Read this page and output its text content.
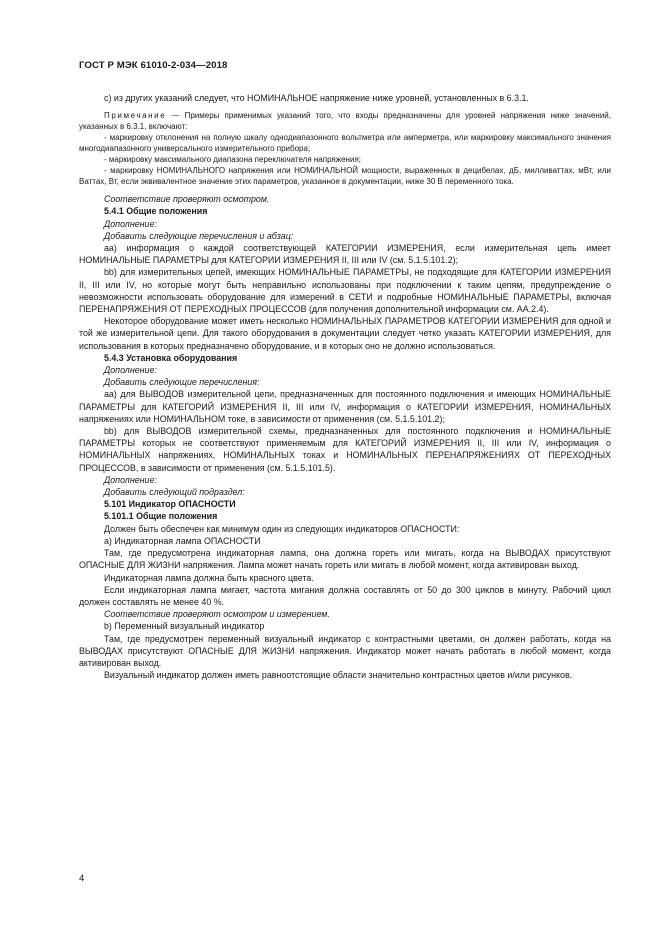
ГОСТ Р МЭК 61010-2-034—2018

c) из других указаний следует, что НОМИНАЛЬНОЕ напряжение ниже уровней, установленных в 6.3.1.

Примечание — Примеры применимых указаний того, что входы предназначены для уровней напряжения ниже значений, указанных в 6.3.1, включают:

- маркировку отклонения на полную шкалу однодиапазонного вольтметра или амперметра, или маркировку максимального значения многодиапазонного универсального измерительного прибора;

- маркировку максимального диапазона переключателя напряжения;

- маркировку НОМИНАЛЬНОГО напряжения или НОМИНАЛЬНОЙ мощности, выраженных в децибелах, дБ, милливаттах, мВт, или Ваттах, Вт, если эквивалентное значение этих параметров, указанное в документации, ниже 30 В переменного тока.

Соответствие проверяют осмотром.

5.4.1 Общие положения

Дополнение:

Добавить следующие перечисления и абзац:

аа) информация о каждой соответствующей КАТЕГОРИИ ИЗМЕРЕНИЯ, если измерительная цепь имеет НОМИНАЛЬНЫЕ ПАРАМЕТРЫ для КАТЕГОРИИ ИЗМЕРЕНИЯ II, III или IV (см. 5.1.5.101.2);

bb) для измерительных цепей, имеющих НОМИНАЛЬНЫЕ ПАРАМЕТРЫ, не подходящие для КАТЕГОРИИ ИЗМЕРЕНИЯ II, III или IV, но которые могут быть неправильно использованы при подключении к таким цепям, предупреждение о невозможности использовать оборудование для измерений в СЕТИ и подробные НОМИНАЛЬНЫЕ ПАРАМЕТРЫ, включая ПЕРЕНАПРЯЖЕНИЯ ОТ ПЕРЕХОДНЫХ ПРОЦЕССОВ (для получения дополнительной информации см. АА.2.4).

Некоторое оборудование может иметь несколько НОМИНАЛЬНЫХ ПАРАМЕТРОВ КАТЕГОРИИ ИЗМЕРЕНИЯ для одной и той же измерительной цепи. Для такого оборудования в документации следует четко указать КАТЕГОРИИ ИЗМЕРЕНИЯ, для использования в которых предназначено оборудование, и в которых оно не должно использоваться.

5.4.3 Установка оборудования

Дополнение:

Добавить следующие перечисления:

аа) для ВЫВОДОВ измерительной цепи, предназначенных для постоянного подключения и имеющих НОМИНАЛЬНЫЕ ПАРАМЕТРЫ для КАТЕГОРИЙ ИЗМЕРЕНИЯ II, III или IV, информация о КАТЕГОРИИ ИЗМЕРЕНИЯ, НОМИНАЛЬНЫХ напряжениях или НОМИНАЛЬНОМ токе, в зависимости от применения (см. 5.1.5.101.2);

bb) для ВЫВОДОВ измерительной схемы, предназначенных для постоянного подключения и НОМИНАЛЬНЫЕ ПАРАМЕТРЫ которых не соответствуют применяемым для КАТЕГОРИЙ ИЗМЕРЕНИЯ II, III или IV, информация о НОМИНАЛЬНЫХ напряжениях, НОМИНАЛЬНЫХ токах и НОМИНАЛЬНЫХ ПЕРЕНАПРЯЖЕНИЯХ ОТ ПЕРЕХОДНЫХ ПРОЦЕССОВ, в зависимости от применения (см. 5.1.5.101.5).

Дополнение:

Добавить следующий подраздел:

5.101 Индикатор ОПАСНОСТИ

5.101.1 Общие положения

Должен быть обеспечен как минимум один из следующих индикаторов ОПАСНОСТИ:

а) Индикаторная лампа ОПАСНОСТИ

Там, где предусмотрена индикаторная лампа, она должна гореть или мигать, когда на ВЫВОДАХ присутствуют ОПАСНЫЕ ДЛЯ ЖИЗНИ напряжения. Лампа может начать гореть или мигать в любой момент, когда активирован выход.

Индикаторная лампа должна быть красного цвета.

Если индикаторная лампа мигает, частота мигания должна составлять от 50 до 300 циклов в минуту. Рабочий цикл должен составлять не менее 40 %.

Соответствие проверяют осмотром и измерением.

b) Переменный визуальный индикатор

Там, где предусмотрен переменный визуальный индикатор с контрастными цветами, он должен работать, когда на ВЫВОДАХ присутствуют ОПАСНЫЕ ДЛЯ ЖИЗНИ напряжения. Индикатор может начать работать в любой момент, когда активирован выход.

Визуальный индикатор должен иметь равноотстоящие области значительно контрастных цветов и/или рисунков.

4
